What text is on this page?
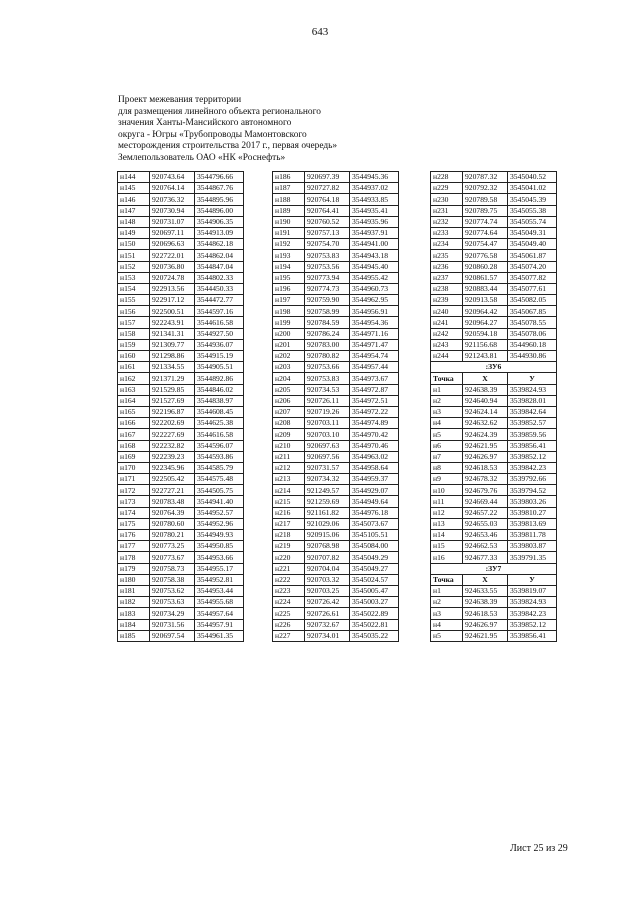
643
Проект межевания территории
для размещения линейного объекта регионального
значения Ханты-Мансийского автономного
округа - Югры «Трубопроводы Мамонтовского
месторождения строительства 2017 г., первая очередь»
Землепользователь ОАО «НК «Роснефть»
н144	920743.64	3544796.66
н145	920764.14	3544867.76
н146	920736.32	3544895.96
н147	920730.94	3544896.00
н148	920731.07	3544906.35
н149	920697.11	3544913.09
н150	920696.63	3544862.18
н151	922722.01	3544862.04
н152	920736.80	3544847.04
н153	920724.78	3544802.33
н154	922913.56	3544450.33
н155	922917.12	3544472.77
н156	922500.51	3544597.16
н157	922243.91	3544616.58
н158	921341.31	3544927.50
н159	921309.77	3544936.07
н160	921298.86	3544915.19
н161	921334.55	3544905.51
н162	921371.29	3544892.86
н163	921529.85	3544846.02
н164	921527.69	3544838.97
н165	922196.87	3544608.45
н166	922202.69	3544625.38
н167	922227.69	3544616.58
н168	922232.82	3544596.07
н169	922239.23	3544593.86
н170	922345.96	3544585.79
н171	922505.42	3544575.48
н172	922727.21	3544505.75
н173	920783.48	3544941.40
н174	920764.39	3544952.57
н175	920780.60	3544952.96
н176	920780.21	3544949.93
н177	920773.25	3544950.85
н178	920773.67	3544953.66
н179	920758.73	3544955.17
н180	920758.38	3544952.81
н181	920753.62	3544953.44
н182	920753.63	3544955.68
н183	920734.29	3544957.64
н184	920731.56	3544957.91
н185	920697.54	3544961.35
н186	920697.39	3544945.36
н187	920727.82	3544937.02
н188	920764.18	3544933.85
н189	920764.41	3544935.41
н190	920760.52	3544935.96
н191	920757.13	3544937.91
н192	920754.70	3544941.00
н193	920753.83	3544943.18
н194	920753.56	3544945.40
н195	920773.94	3544955.42
н196	920774.73	3544960.73
н197	920759.90	3544962.95
н198	920758.99	3544956.91
н199	920784.59	3544954.36
н200	920786.24	3544971.16
н201	920783.00	3544971.47
н202	920780.82	3544954.74
н203	920753.66	3544957.44
н204	920753.83	3544973.67
н205	920734.53	3544972.87
н206	920726.11	3544972.51
н207	920719.26	3544972.22
н208	920703.11	3544974.89
н209	920703.10	3544970.42
н210	920697.63	3544970.46
н211	920697.56	3544963.02
н212	920731.57	3544958.64
н213	920734.32	3544959.37
н214	921249.57	3544929.07
н215	921259.69	3544949.64
н216	921161.82	3544976.18
н217	921029.06	3545073.67
н218	920915.06	3545105.51
н219	920768.98	3545084.00
н220	920707.82	3545049.29
н221	920704.04	3545049.27
н222	920703.32	3545024.57
н223	920703.25	3545005.47
н224	920726.42	3545003.27
н225	920726.61	3545022.89
н226	920732.67	3545022.81
н227	920734.01	3545035.22
н228	920787.32	3545040.52
н229	920792.32	3545041.02
н230	920789.58	3545045.39
н231	920789.75	3545055.38
н232	920774.74	3545055.74
н233	920774.64	3545049.31
н234	920754.47	3545049.40
н235	920776.58	3545061.87
н236	920860.28	3545074.20
н237	920861.57	3545077.82
н238	920883.44	3545077.61
н239	920913.58	3545082.05
н240	920964.42	3545067.85
н241	920964.27	3545078.55
н242	920594.18	3545078.06
н243	921156.68	3544960.18
н244	921243.81	3544930.86
:ЗУ6		
Точка	X	У
н1	924638.39	3539824.93
н2	924640.94	3539828.01
н3	924624.14	3539842.64
н4	924632.62	3539852.57
н5	924624.39	3539859.56
н6	924621.95	3539856.41
н7	924626.97	3539852.12
н8	924618.53	3539842.23
н9	924678.32	3539792.66
н10	924679.76	3539794.52
н11	924669.44	3539803.26
н12	924657.22	3539810.27
н13	924655.03	3539813.69
н14	924653.46	3539811.78
н15	924662.53	3539803.87
н16	924677.33	3539791.35
:ЗУ7		
Точка	X	У
н1	924633.55	3539819.07
н2	924638.39	3539824.93
н3	924618.53	3539842.23
н4	924626.97	3539852.12
н5	924621.95	3539856.41
Лист 25 из 29
